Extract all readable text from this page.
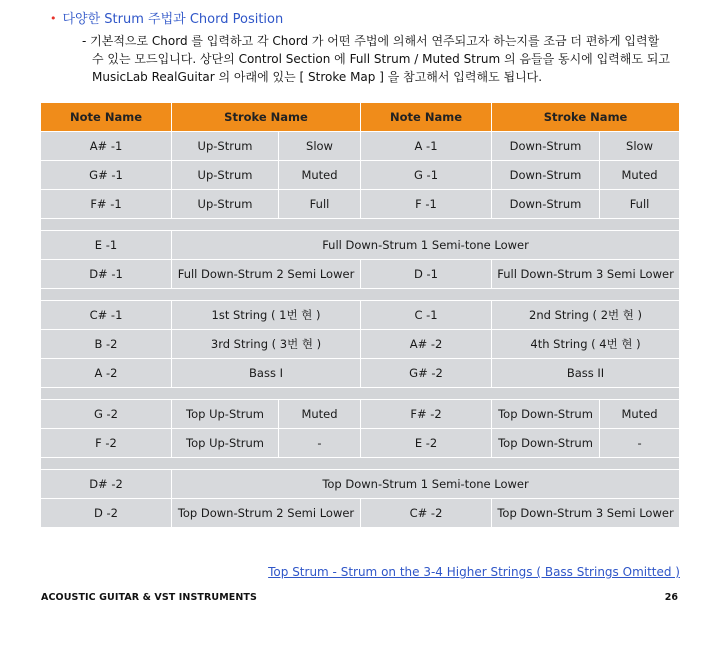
• 다양한 Strum 주법과 Chord Position

- 기본적으로 Chord 를 입력하고 각 Chord 가 어떤 주법에 의해서 연주되고자 하는지를 조금 더 편하게 입력할

수 있는 모드입니다. 상단의 Control Section 에 Full Strum / Muted Strum 의 음들을 동시에 입력해도 되고

MusicLab RealGuitar 의 아래에 있는 [ Stroke Map ] 을 참고해서 입력해도 됩니다.

Note Name	Stroke Name		Note Name	Stroke Name	
A# -1	Up-Strum	Slow	A -1	Down-Strum	Slow
G# -1	Up-Strum	Muted	G -1	Down-Strum	Muted
F# -1	Up-Strum	Full	F -1	Down-Strum	Full

E -1	Full Down-Strum 1 Semi-tone Lower				
D# -1	Full Down-Strum 2 Semi Lower		D -1	Full Down-Strum 3 Semi Lower	

C# -1	1st String ( 1번 현 )		C -1	2nd String ( 2번 현 )	
B -2	3rd String ( 3번 현 )		A# -2	4th String ( 4번 현 )	
A -2	Bass I		G# -2	Bass II	

G -2	Top Up-Strum	Muted	F# -2	Top Down-Strum	Muted
F -2	Top Up-Strum	-	E -2	Top Down-Strum	-

D# -2	Top Down-Strum 1 Semi-tone Lower				
D -2	Top Down-Strum 2 Semi Lower		C# -2	Top Down-Strum 3 Semi Lower	
Top Strum - Strum on the 3-4 Higher Strings ( Bass Strings Omitted )
ACOUSTIC GUITAR & VST INSTRUMENTS	26
